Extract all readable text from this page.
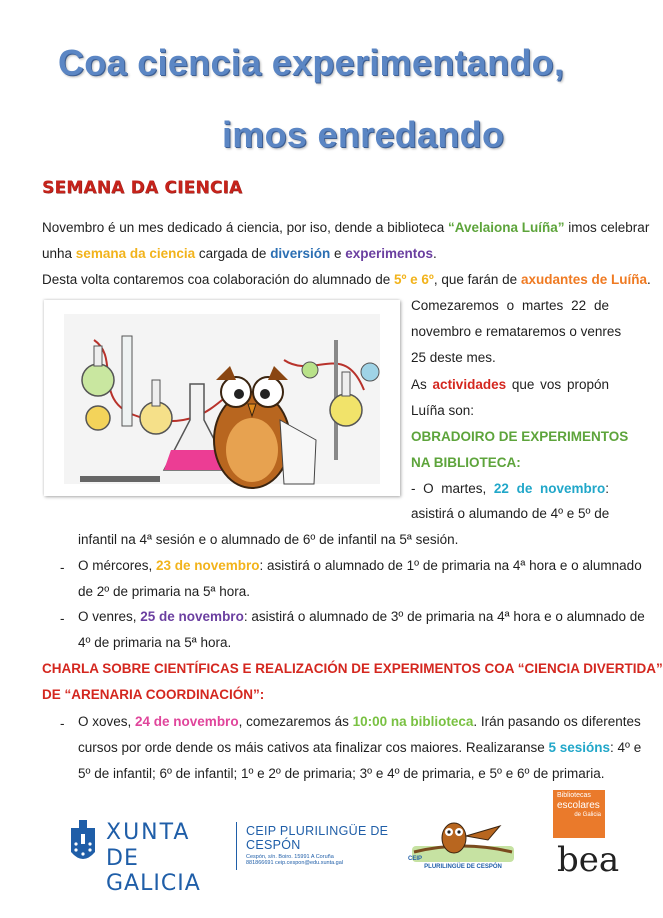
Coa ciencia experimentando,
imos enredando
SEMANA DA CIENCIA
Novembro é un mes dedicado á ciencia, por iso, dende a biblioteca “Avelaiona Luíña” imos celebrar
unha semana da ciencia cargada de diversión e experimentos.
Desta volta contaremos coa colaboración do alumnado de 5º e 6º, que farán de axudantes de Luíña.
Comezaremos o martes 22 de
novembro e remataremos o venres
25 deste mes.
As actividades que vos propón
Luíña son:
OBRADOIRO DE EXPERIMENTOS
NA BIBLIOTECA:
- O martes, 22 de novembro:
asistirá o alumando de 4º e 5º de
infantil na 4ª sesión e o alumnado de 6º de infantil na 5ª sesión.
- O mércores, 23 de novembro: asistirá o alumnado de 1º de primaria na 4ª hora e o alumnado
de 2º de primaria na 5ª hora.
- O venres, 25 de novembro: asistirá o alumnado de 3º de primaria na 4ª hora e o alumnado de
4º de primaria na 5ª hora.
CHARLA SOBRE CIENTÍFICAS E REALIZACIÓN DE EXPERIMENTOS COA “CIENCIA DIVERTIDA”
DE “ARENARIA COORDINACIÓN”:
- O xoves, 24 de novembro, comezaremos ás 10:00 na biblioteca. Irán pasando os diferentes
cursos por orde dende os máis cativos ata finalizar cos maiores. Realizaranse 5 sesións: 4º e
5º de infantil; 6º de infantil; 1º e 2º de primaria; 3º e 4º de primaria, e 5º e 6º de primaria.
XUNTA
DE GALICIA
CEIP PLURILINGÜE DE
CESPÓN
Cespón, s/n. Boiro. 15991 A Coruña
881866691 ceip.cespon@edu.xunta.gal
CEIP
PLURILINGÜE DE CESPÓN
Bibliotecas
escolares
de Galicia
bea
